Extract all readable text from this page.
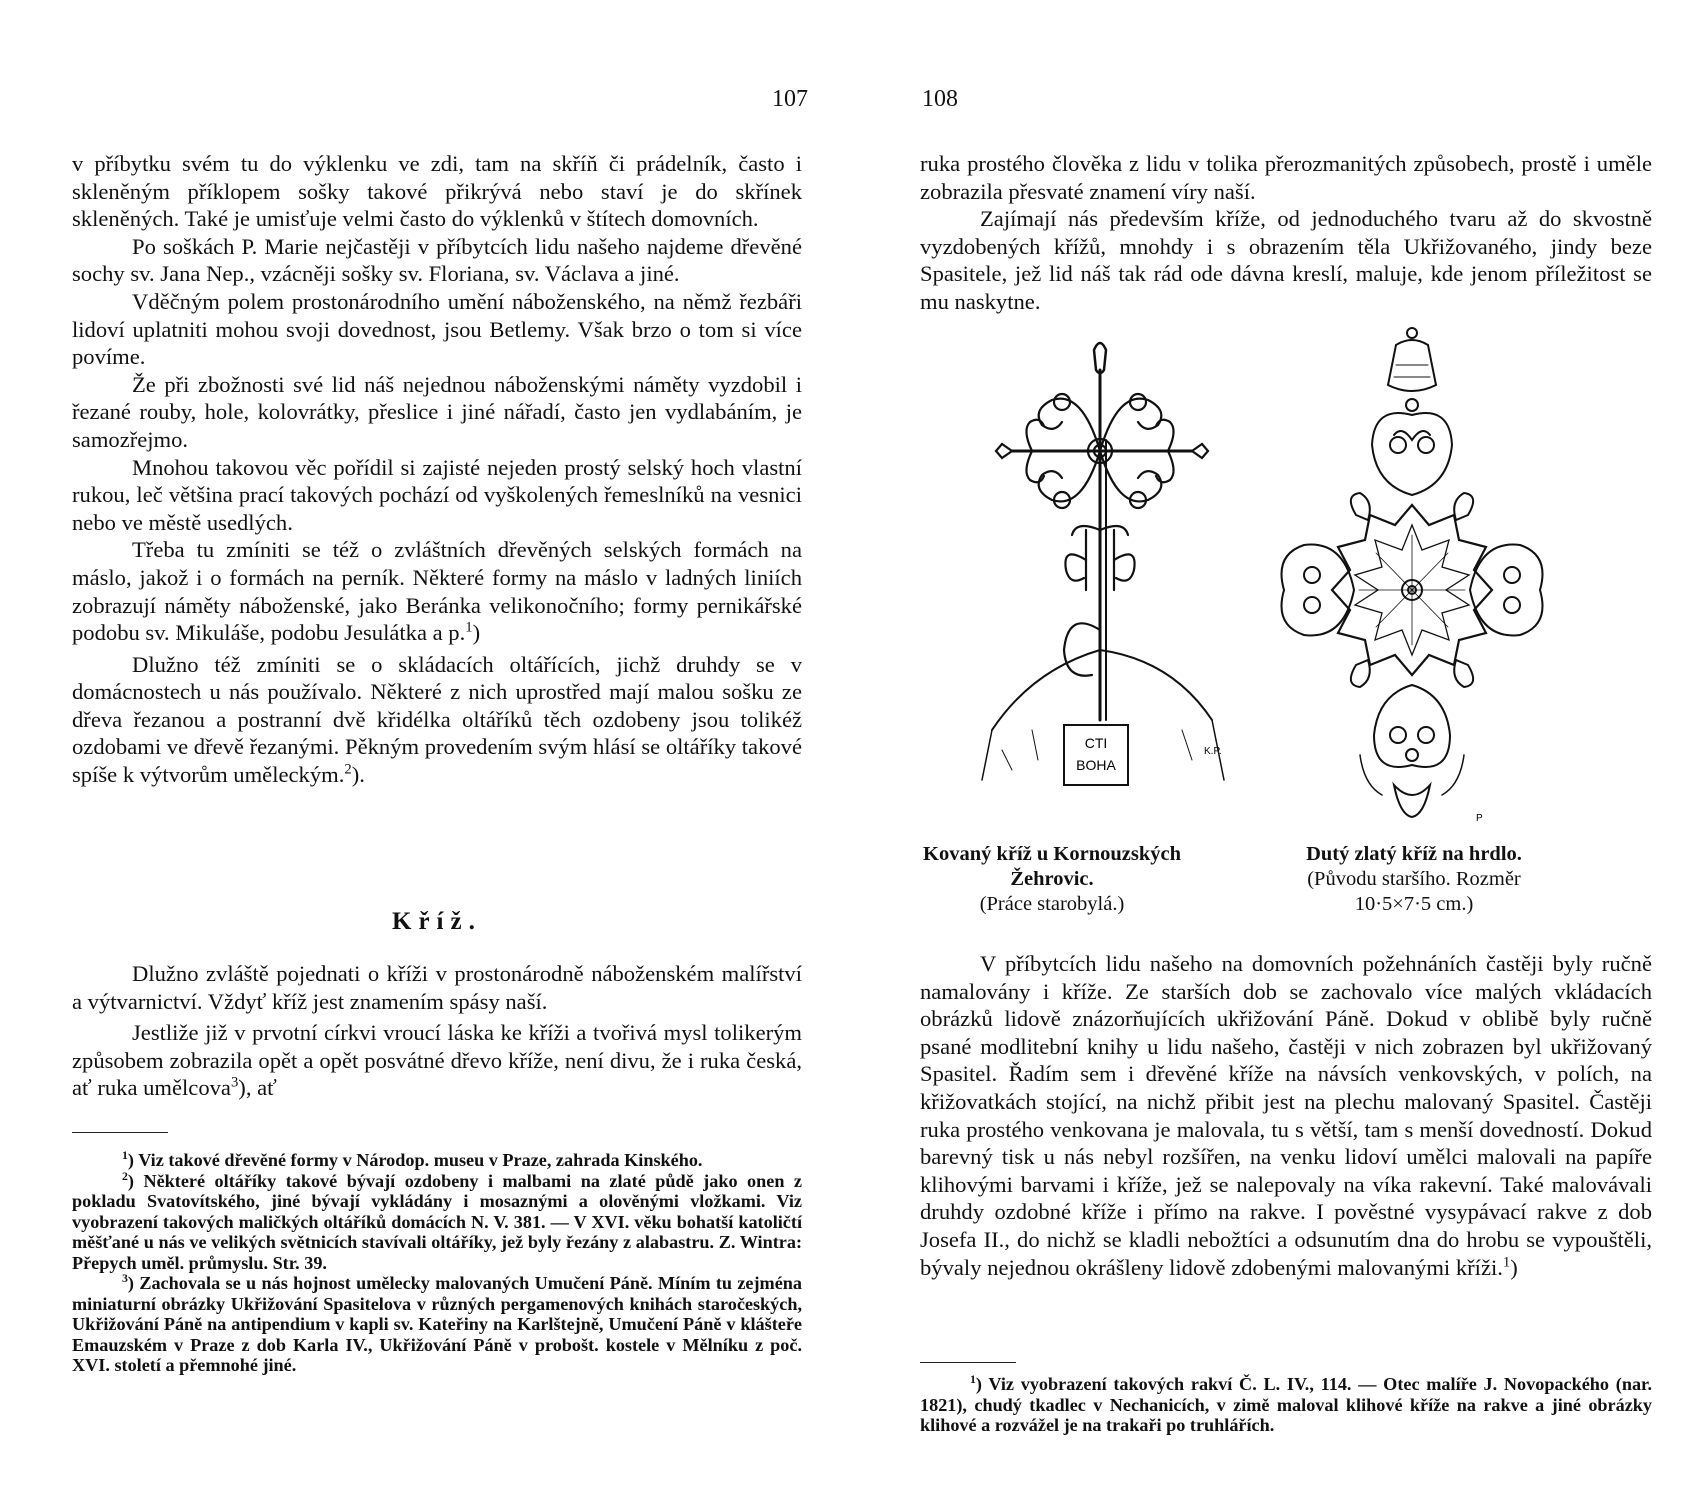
107

v příbytku svém tu do výklenku ve zdi, tam na skříň či prádelník, často i skleněným příklopem sošky takové přikrývá nebo staví je do skřínek skleněných. Také je umisťuje velmi často do výklenků v štítech domovních.

Po soškách P. Marie nejčastěji v příbytcích lidu našeho najdeme dřevěné sochy sv. Jana Nep., vzácněji sošky sv. Floriana, sv. Václava a jiné.

Vděčným polem prostonárodního umění náboženského, na němž řezbáři lidoví uplatniti mohou svoji dovednost, jsou Betlemy. Však brzo o tom si více povíme.

Že při zbožnosti své lid náš nejednou náboženskými náměty vyzdobil i řezané rouby, hole, kolovrátky, přeslice i jiné nářadí, často jen vydlabáním, je samozřejmo.

Mnohou takovou věc pořídil si zajisté nejeden prostý selský hoch vlastní rukou, leč většina prací takových pochází od vyškolených řemeslníků na vesnici nebo ve městě usedlých.

Třeba tu zmíniti se též o zvláštních dřevěných selských formách na máslo, jakož i o formách na perník. Některé formy na máslo v ladných liniích zobrazují náměty náboženské, jako Beránka velikonočního; formy pernikářské podobu sv. Mikuláše, podobu Jesulátka a p.$^1$)

Dlužno též zmíniti se o skládacích oltářících, jichž druhdy se v domácnostech u nás používalo. Některé z nich uprostřed mají malou sošku ze dřeva řezanou a postranní dvě křidélka oltáříků těch ozdobeny jsou tolikéž ozdobami ve dřevě řezanými. Pěkným provedením svým hlásí se oltáříky takové spíše k výtvorům uměleckým.$^2$).

Kříž.

Dlužno zvláště pojednati o kříži v prostonárodně náboženském malířství a výtvarnictví. Vždyť kříž jest znamením spásy naší.

Jestliže již v prvotní církvi vroucí láska ke kříži a tvořivá mysl tolikerým způsobem zobrazila opět a opět posvátné dřevo kříže, není divu, že i ruka česká, ať ruka umělcova$^3$), ať

$^1$) Viz takové dřevěné formy v Národop. museu v Praze, zahrada Kinského.

$^2$) Některé oltáříky takové bývají ozdobeny i malbami na zlaté půdě jako onen z pokladu Svatovítského, jiné bývají vykládány i mosaznými a olověnými vložkami. Viz vyobrazení takových maličkých oltáříků domácích N. V. 381. — V XVI. věku bohatší katoličtí měšťané u nás ve velikých světnicích stavívali oltáříky, jež byly řezány z alabastru. Z. Wintra: Přepych uměl. průmyslu. Str. 39.

$^3$) Zachovala se u nás hojnost umělecky malovaných Umučení Páně. Míním tu zejména miniaturní obrázky Ukřižování Spasitelova v různých pergamenových knihách staročeských, Ukřižování Páně na antipendium v kapli sv. Kateřiny na Karlštejně, Umučení Páně v klášteře Emauzském v Praze z dob Karla IV., Ukřižování Páně v probošt. kostele v Mělníku z poč. XVI. století a přemnohé jiné.

108

ruka prostého člověka z lidu v tolika přerozmanitých způsobech, prostě i uměle zobrazila přesvaté znamení víry naší.

Zajímají nás především kříže, od jednoduchého tvaru až do skvostně vyzdobených křížů, mnohdy i s obrazením těla Ukřižovaného, jindy beze Spasitele, jež lid náš tak rád ode dávna kreslí, maluje, kde jenom příležitost se mu naskytne.

CTI
BOHA
K.P.
P
Kovaný kříž u Kornouzských
Žehrovic.
(Práce starobylá.)
Dutý zlatý kříž na hrdlo.
(Původu staršího. Rozměr
10·5×7·5 cm.)

V příbytcích lidu našeho na domovních požehnáních častěji byly ručně namalovány i kříže. Ze starších dob se zachovalo více malých vkládacích obrázků lidově znázorňujících ukřižování Páně. Dokud v oblibě byly ručně psané modlitební knihy u lidu našeho, častěji v nich zobrazen byl ukřižovaný Spasitel. Řadím sem i dřevěné kříže na návsích venkovských, v polích, na křižovatkách stojící, na nichž přibit jest na plechu malovaný Spasitel. Častěji ruka prostého venkovana je malovala, tu s větší, tam s menší dovedností. Dokud barevný tisk u nás nebyl rozšířen, na venku lidoví umělci malovali na papíře klihovými barvami i kříže, jež se nalepovaly na víka rakevní. Také malovávali druhdy ozdobné kříže i přímo na rakve. I pověstné vysypávací rakve z dob Josefa II., do nichž se kladli nebožtíci a odsunutím dna do hrobu se vypouštěli, bývaly nejednou okrášleny lidově zdobenými malovanými kříži.$^1$)

$^1$) Viz vyobrazení takových rakví Č. L. IV., 114. — Otec malíře J. Novopackého (nar. 1821), chudý tkadlec v Nechanicích, v zimě maloval klihové kříže na rakve a jiné obrázky klihové a rozvážel je na trakaři po truhlářích.
